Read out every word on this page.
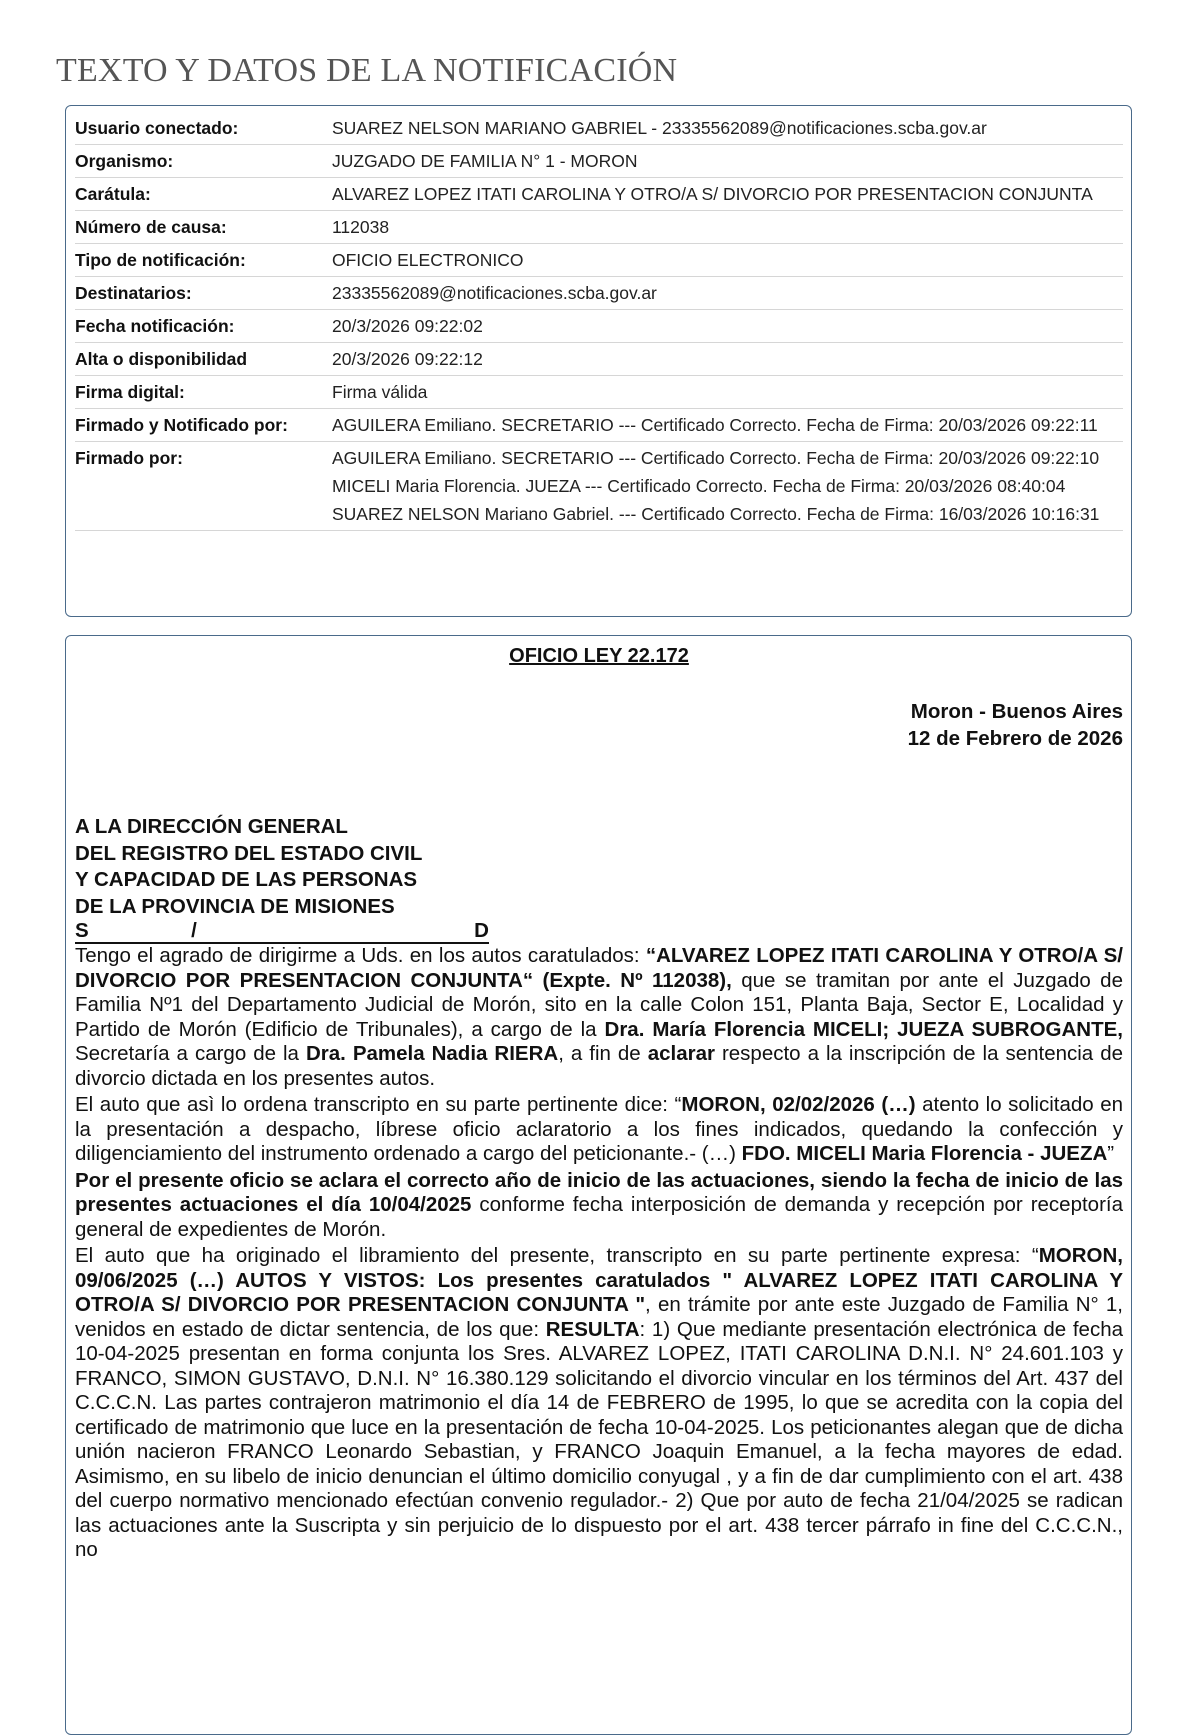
TEXTO Y DATOS DE LA NOTIFICACIÓN
Usuario conectado:	SUAREZ NELSON MARIANO GABRIEL - 23335562089@notificaciones.scba.gov.ar
Organismo:	JUZGADO DE FAMILIA N° 1 - MORON
Carátula:	ALVAREZ LOPEZ ITATI CAROLINA Y OTRO/A S/ DIVORCIO POR PRESENTACION CONJUNTA
Número de causa:	112038
Tipo de notificación:	OFICIO ELECTRONICO
Destinatarios:	23335562089@notificaciones.scba.gov.ar
Fecha notificación:	20/3/2026 09:22:02
Alta o disponibilidad	20/3/2026 09:22:12
Firma digital:	Firma válida
Firmado y Notificado por:	AGUILERA Emiliano. SECRETARIO --- Certificado Correcto. Fecha de Firma: 20/03/2026 09:22:11
Firmado por:	AGUILERA Emiliano. SECRETARIO --- Certificado Correcto. Fecha de Firma: 20/03/2026 09:22:10 MICELI Maria Florencia. JUEZA --- Certificado Correcto. Fecha de Firma: 20/03/2026 08:40:04 SUAREZ NELSON Mariano Gabriel. --- Certificado Correcto. Fecha de Firma: 16/03/2026 10:16:31
OFICIO LEY 22.172
Moron - Buenos Aires
12 de Febrero de 2026
A LA DIRECCIÓN GENERAL
DEL REGISTRO DEL ESTADO CIVIL
Y CAPACIDAD DE LAS PERSONAS
DE LA PROVINCIA DE MISIONES
S	/	D

Tengo el agrado de dirigirme a Uds. en los autos caratulados: “ALVAREZ LOPEZ ITATI CAROLINA Y OTRO/A S/ DIVORCIO POR PRESENTACION CONJUNTA“ (Expte. Nº 112038), que se tramitan por ante el Juzgado de Familia Nº1 del Departamento Judicial de Morón, sito en la calle Colon 151, Planta Baja, Sector E, Localidad y Partido de Morón (Edificio de Tribunales), a cargo de la Dra. María Florencia MICELI; JUEZA SUBROGANTE, Secretaría a cargo de la Dra. Pamela Nadia RIERA, a fin de aclarar respecto a la inscripción de la sentencia de divorcio dictada en los presentes autos.

El auto que asì lo ordena transcripto en su parte pertinente dice: “MORON, 02/02/2026 (…) atento lo solicitado en la presentación a despacho, líbrese oficio aclaratorio a los fines indicados, quedando la confección y diligenciamiento del instrumento ordenado a cargo del peticionante.- (…) FDO. MICELI Maria Florencia - JUEZA”

Por el presente oficio se aclara el correcto año de inicio de las actuaciones, siendo la fecha de inicio de las presentes actuaciones el día 10/04/2025 conforme fecha interposición de demanda y recepción por receptoría general de expedientes de Morón.

El auto que ha originado el libramiento del presente, transcripto en su parte pertinente expresa: “MORON, 09/06/2025 (…) AUTOS Y VISTOS: Los presentes caratulados " ALVAREZ LOPEZ ITATI CAROLINA Y OTRO/A S/ DIVORCIO POR PRESENTACION CONJUNTA ", en trámite por ante este Juzgado de Familia N° 1, venidos en estado de dictar sentencia, de los que: RESULTA: 1) Que mediante presentación electrónica de fecha 10-04-2025 presentan en forma conjunta los Sres. ALVAREZ LOPEZ, ITATI CAROLINA D.N.I. N° 24.601.103 y FRANCO, SIMON GUSTAVO, D.N.I. N° 16.380.129 solicitando el divorcio vincular en los términos del Art. 437 del C.C.C.N. Las partes contrajeron matrimonio el día 14 de FEBRERO de 1995, lo que se acredita con la copia del certificado de matrimonio que luce en la presentación de fecha 10-04-2025. Los peticionantes alegan que de dicha unión nacieron FRANCO Leonardo Sebastian, y FRANCO Joaquin Emanuel, a la fecha mayores de edad. Asimismo, en su libelo de inicio denuncian el último domicilio conyugal , y a fin de dar cumplimiento con el art. 438 del cuerpo normativo mencionado efectúan convenio regulador.- 2) Que por auto de fecha 21/04/2025 se radican las actuaciones ante la Suscripta y sin perjuicio de lo dispuesto por el art. 438 tercer párrafo in fine del C.C.C.N., no
